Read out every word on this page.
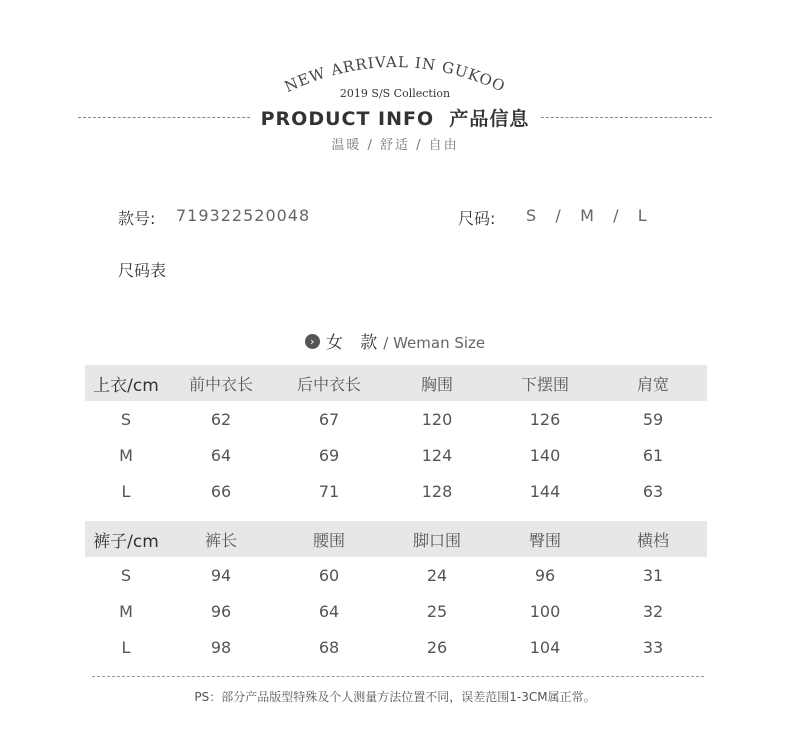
NEW ARRIVAL IN GUKOO
2019 S/S Collection
PRODUCT INFO  产品信息
温暖 / 舒适 / 自由
款号: 719322520048	尺码: S   /   M   /   L
尺码表
› 女 款/ Weman Size
上衣/cm	前中衣长	后中衣长	胸围	下摆围	肩宽
S	62	67	120	126	59
M	64	69	124	140	61
L	66	71	128	144	63
裤子/cm	裤长	腰围	脚口围	臀围	横档
S	94	60	24	96	31
M	96	64	25	100	32
L	98	68	26	104	33
PS：部分产品版型特殊及个人测量方法位置不同，误差范围1-3CM属正常。
